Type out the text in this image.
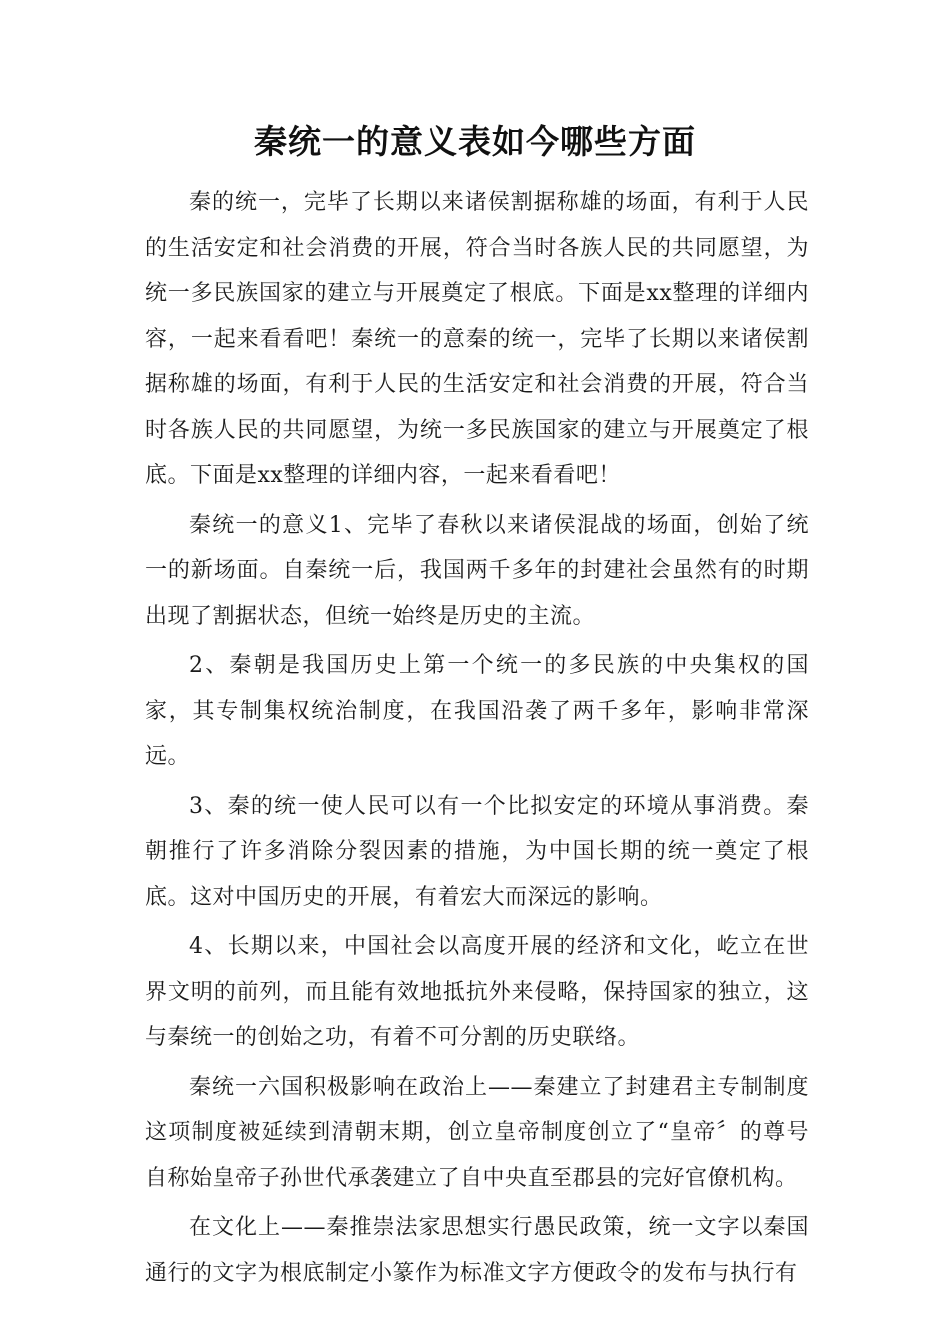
秦统一的意义表如今哪些方面

秦的统一，完毕了长期以来诸侯割据称雄的场面，有利于人民的生活安定和社会消费的开展，符合当时各族人民的共同愿望，为统一多民族国家的建立与开展奠定了根底。下面是xx整理的详细内容，一起来看看吧！秦统一的意秦的统一，完毕了长期以来诸侯割据称雄的场面，有利于人民的生活安定和社会消费的开展，符合当时各族人民的共同愿望，为统一多民族国家的建立与开展奠定了根底。下面是xx整理的详细内容，一起来看看吧！

秦统一的意义1、完毕了春秋以来诸侯混战的场面，创始了统一的新场面。自秦统一后，我国两千多年的封建社会虽然有的时期出现了割据状态，但统一始终是历史的主流。

2、秦朝是我国历史上第一个统一的多民族的中央集权的国家，其专制集权统治制度，在我国沿袭了两千多年，影响非常深远。

3、秦的统一使人民可以有一个比拟安定的环境从事消费。秦朝推行了许多消除分裂因素的措施，为中国长期的统一奠定了根底。这对中国历史的开展，有着宏大而深远的影响。

4、长期以来，中国社会以高度开展的经济和文化，屹立在世界文明的前列，而且能有效地抵抗外来侵略，保持国家的独立，这与秦统一的创始之功，有着不可分割的历史联络。

秦统一六国积极影响在政治上——秦建立了封建君主专制制度这项制度被延续到清朝末期，创立皇帝制度创立了“皇帝〞的尊号自称始皇帝子孙世代承袭建立了自中央直至郡县的完好官僚机构。

在文化上——秦推崇法家思想实行愚民政策，统一文字以秦国通行的文字为根底制定小篆作为标准文字方便政令的发布与执行有
